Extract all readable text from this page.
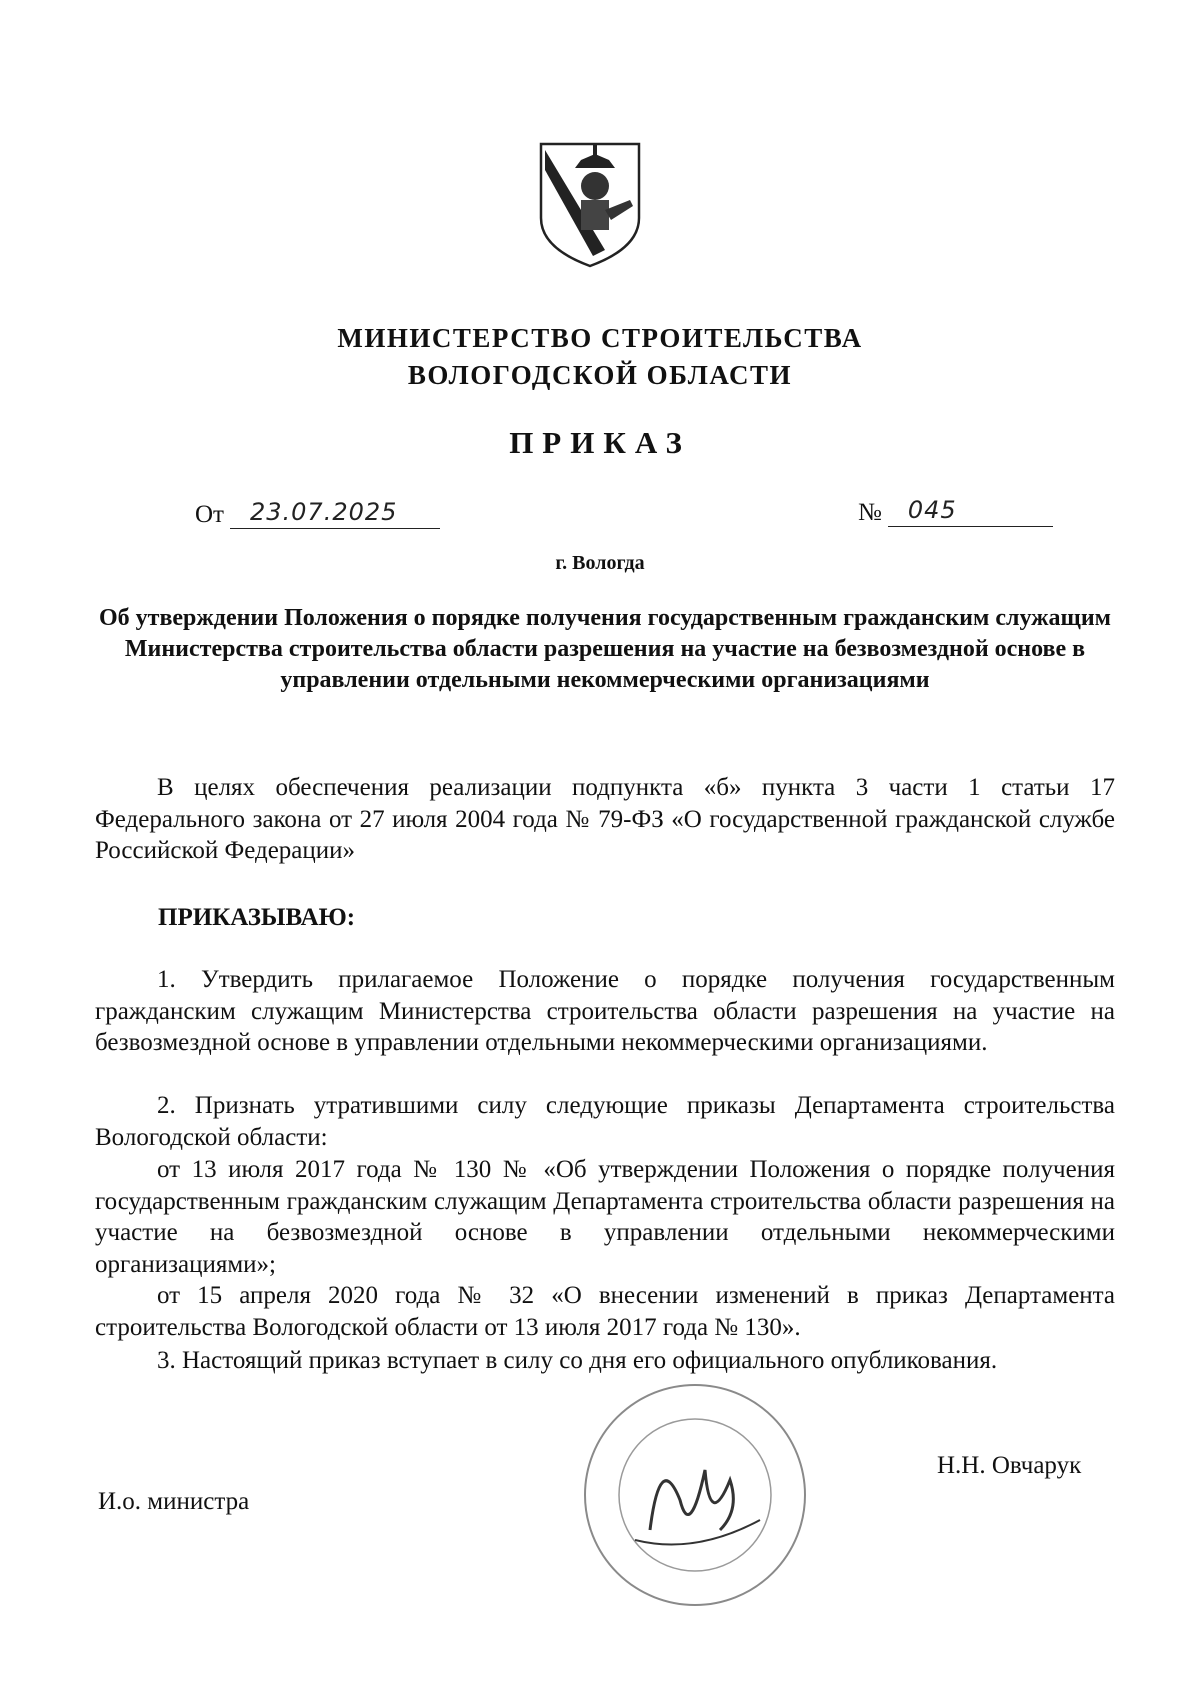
МИНИСТЕРСТВО СТРОИТЕЛЬСТВА
ВОЛОГОДСКОЙ ОБЛАСТИ
ПРИКАЗ
От 23.07.2025	№ 045
г. Вологда
Об утверждении Положения о порядке получения государственным гражданским служащим Министерства строительства области разрешения на участие на безвозмездной основе в управлении отдельными некоммерческими организациями
В целях обеспечения реализации подпункта «б» пункта 3 части 1 статьи 17 Федерального закона от 27 июля 2004 года № 79-ФЗ «О государственной гражданской службе Российской Федерации»
ПРИКАЗЫВАЮ:
1. Утвердить прилагаемое Положение о порядке получения государственным гражданским служащим Министерства строительства области разрешения на участие на безвозмездной основе в управлении отдельными некоммерческими организациями.
2. Признать утратившими силу следующие приказы Департамента строительства Вологодской области:
от 13 июля 2017 года № 130 № «Об утверждении Положения о порядке получения государственным гражданским служащим Департамента строительства области разрешения на участие на безвозмездной основе в управлении отдельными некоммерческими организациями»;
от 15 апреля 2020 года № 32 «О внесении изменений в приказ Департамента строительства Вологодской области от 13 июля 2017 года № 130».
3. Настоящий приказ вступает в силу со дня его официального опубликования.
И.о. министра
Н.Н. Овчарук
